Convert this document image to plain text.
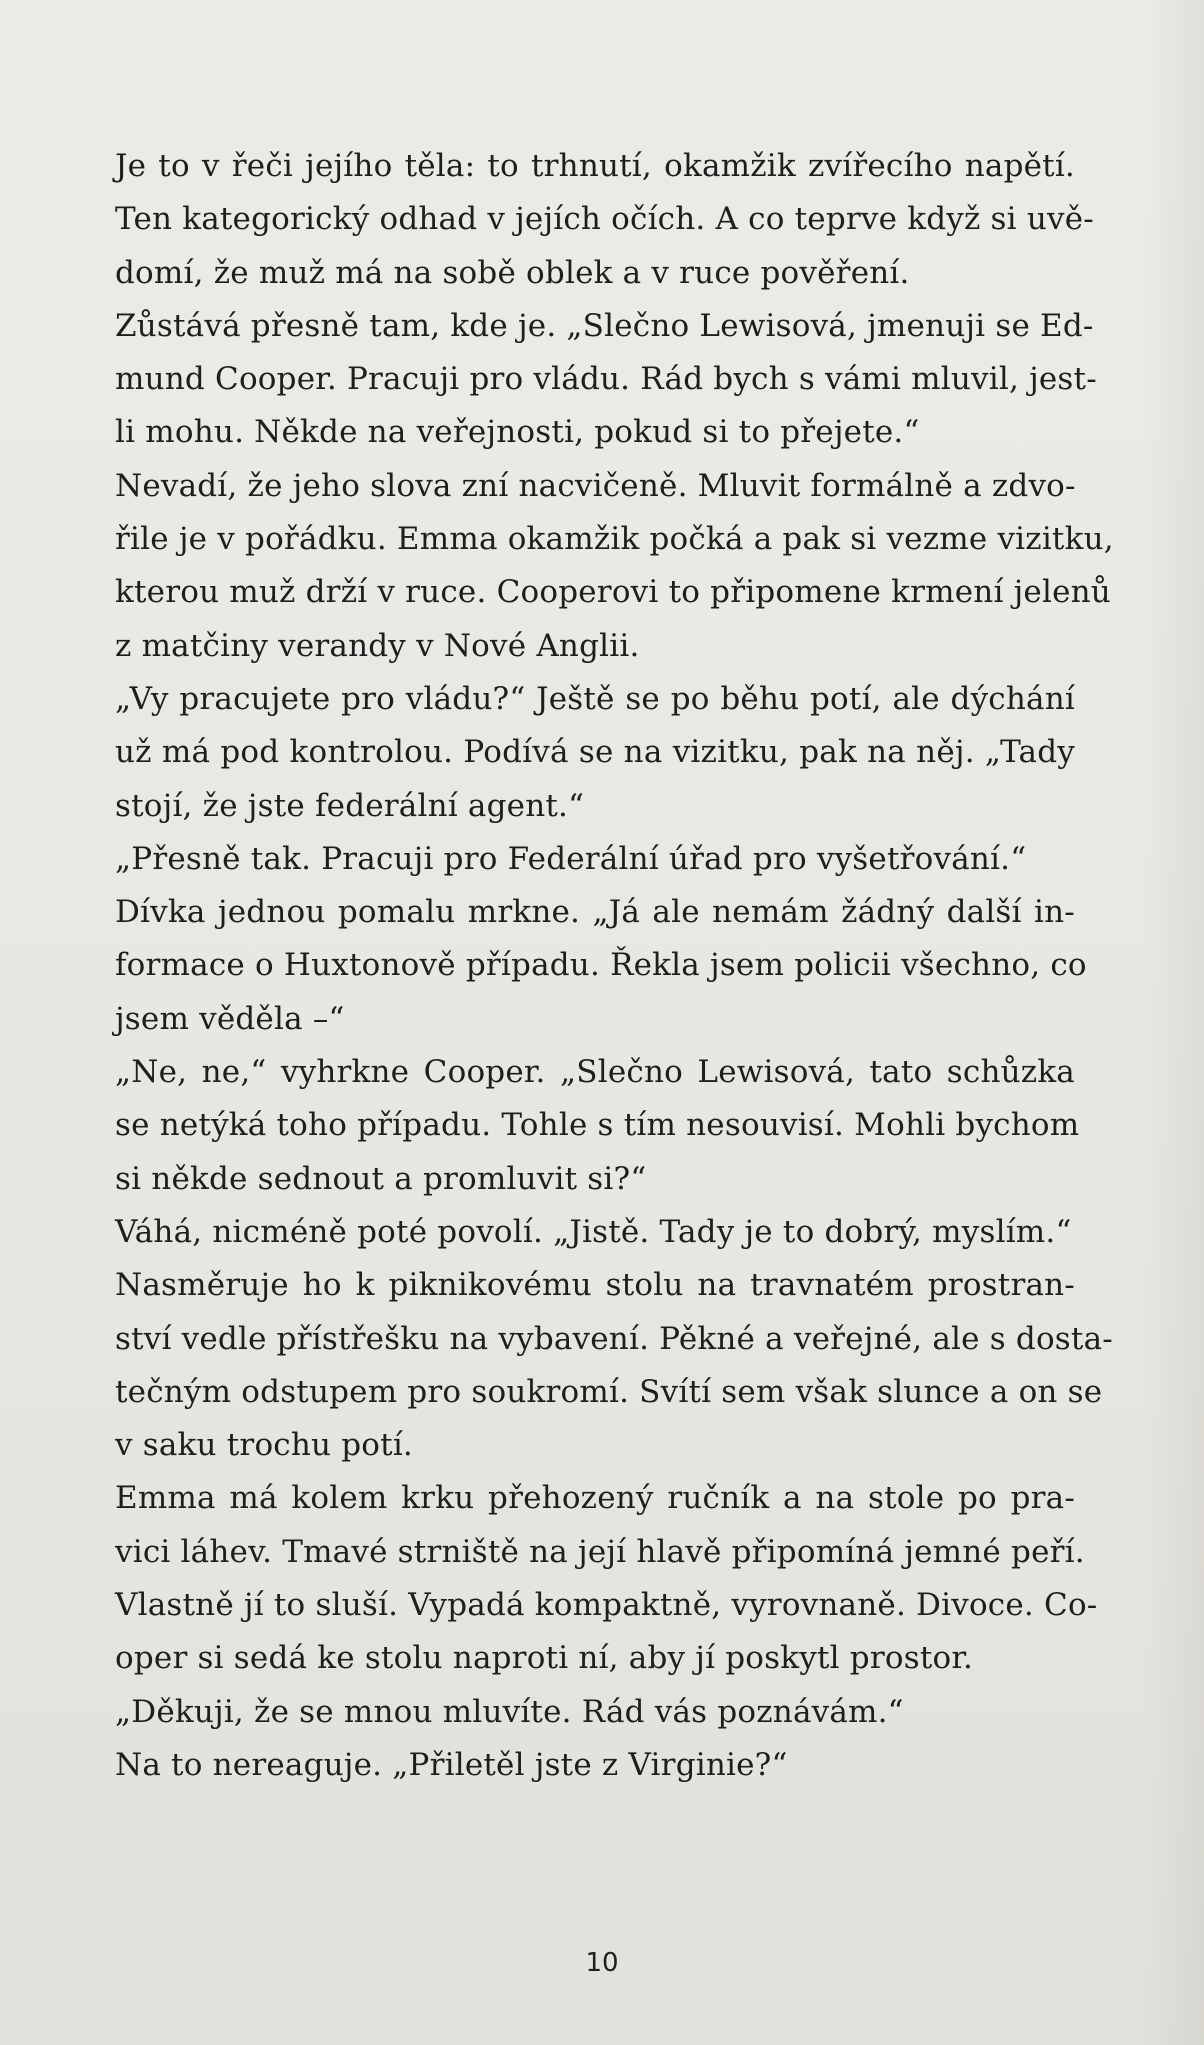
Je to v řeči jejího těla: to trhnutí, okamžik zvířecího napětí.
Ten kategorický odhad v jejích očích. A co teprve když si uvě-
domí, že muž má na sobě oblek a v ruce pověření.
Zůstává přesně tam, kde je. „Slečno Lewisová, jmenuji se Ed-
mund Cooper. Pracuji pro vládu. Rád bych s vámi mluvil, jest-
li mohu. Někde na veřejnosti, pokud si to přejete.“
Nevadí, že jeho slova zní nacvičeně. Mluvit formálně a zdvo-
řile je v pořádku. Emma okamžik počká a pak si vezme vizitku,
kterou muž drží v ruce. Cooperovi to připomene krmení jelenů
z matčiny verandy v Nové Anglii.
„Vy pracujete pro vládu?“ Ještě se po běhu potí, ale dýchání
už má pod kontrolou. Podívá se na vizitku, pak na něj. „Tady
stojí, že jste federální agent.“
„Přesně tak. Pracuji pro Federální úřad pro vyšetřování.“
Dívka jednou pomalu mrkne. „Já ale nemám žádný další in-
formace o Huxtonově případu. Řekla jsem policii všechno, co
jsem věděla –“
„Ne, ne,“ vyhrkne Cooper. „Slečno Lewisová, tato schůzka
se netýká toho případu. Tohle s tím nesouvisí. Mohli bychom
si někde sednout a promluvit si?“
Váhá, nicméně poté povolí. „Jistě. Tady je to dobrý, myslím.“
Nasměruje ho k piknikovému stolu na travnatém prostran-
ství vedle přístřešku na vybavení. Pěkné a veřejné, ale s dosta-
tečným odstupem pro soukromí. Svítí sem však slunce a on se
v saku trochu potí.
Emma má kolem krku přehozený ručník a na stole po pra-
vici láhev. Tmavé strniště na její hlavě připomíná jemné peří.
Vlastně jí to sluší. Vypadá kompaktně, vyrovnaně. Divoce. Co-
oper si sedá ke stolu naproti ní, aby jí poskytl prostor.
„Děkuji, že se mnou mluvíte. Rád vás poznávám.“
Na to nereaguje. „Přiletěl jste z Virginie?“
10
